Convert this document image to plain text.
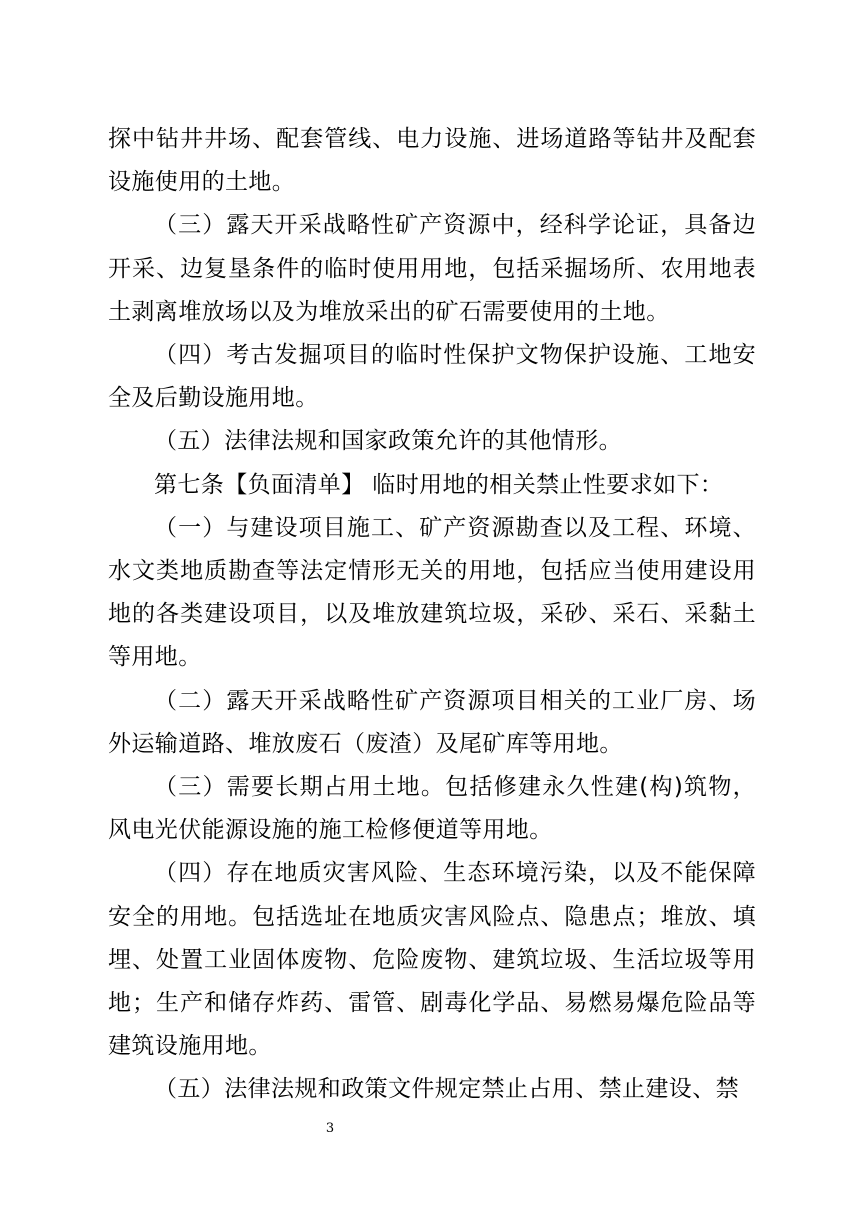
探中钻井井场、配套管线、电力设施、进场道路等钻井及配套设施使用的土地。

（三）露天开采战略性矿产资源中，经科学论证，具备边开采、边复垦条件的临时使用用地，包括采掘场所、农用地表土剥离堆放场以及为堆放采出的矿石需要使用的土地。

（四）考古发掘项目的临时性保护文物保护设施、工地安全及后勤设施用地。

（五）法律法规和国家政策允许的其他情形。

第七条【负面清单】 临时用地的相关禁止性要求如下：

（一）与建设项目施工、矿产资源勘查以及工程、环境、水文类地质勘查等法定情形无关的用地，包括应当使用建设用地的各类建设项目，以及堆放建筑垃圾，采砂、采石、采黏土等用地。

（二）露天开采战略性矿产资源项目相关的工业厂房、场外运输道路、堆放废石（废渣）及尾矿库等用地。

（三）需要长期占用土地。包括修建永久性建(构)筑物，风电光伏能源设施的施工检修便道等用地。

（四）存在地质灾害风险、生态环境污染，以及不能保障安全的用地。包括选址在地质灾害风险点、隐患点；堆放、填埋、处置工业固体废物、危险废物、建筑垃圾、生活垃圾等用地；生产和储存炸药、雷管、剧毒化学品、易燃易爆危险品等建筑设施用地。

（五）法律法规和政策文件规定禁止占用、禁止建设、禁

3
